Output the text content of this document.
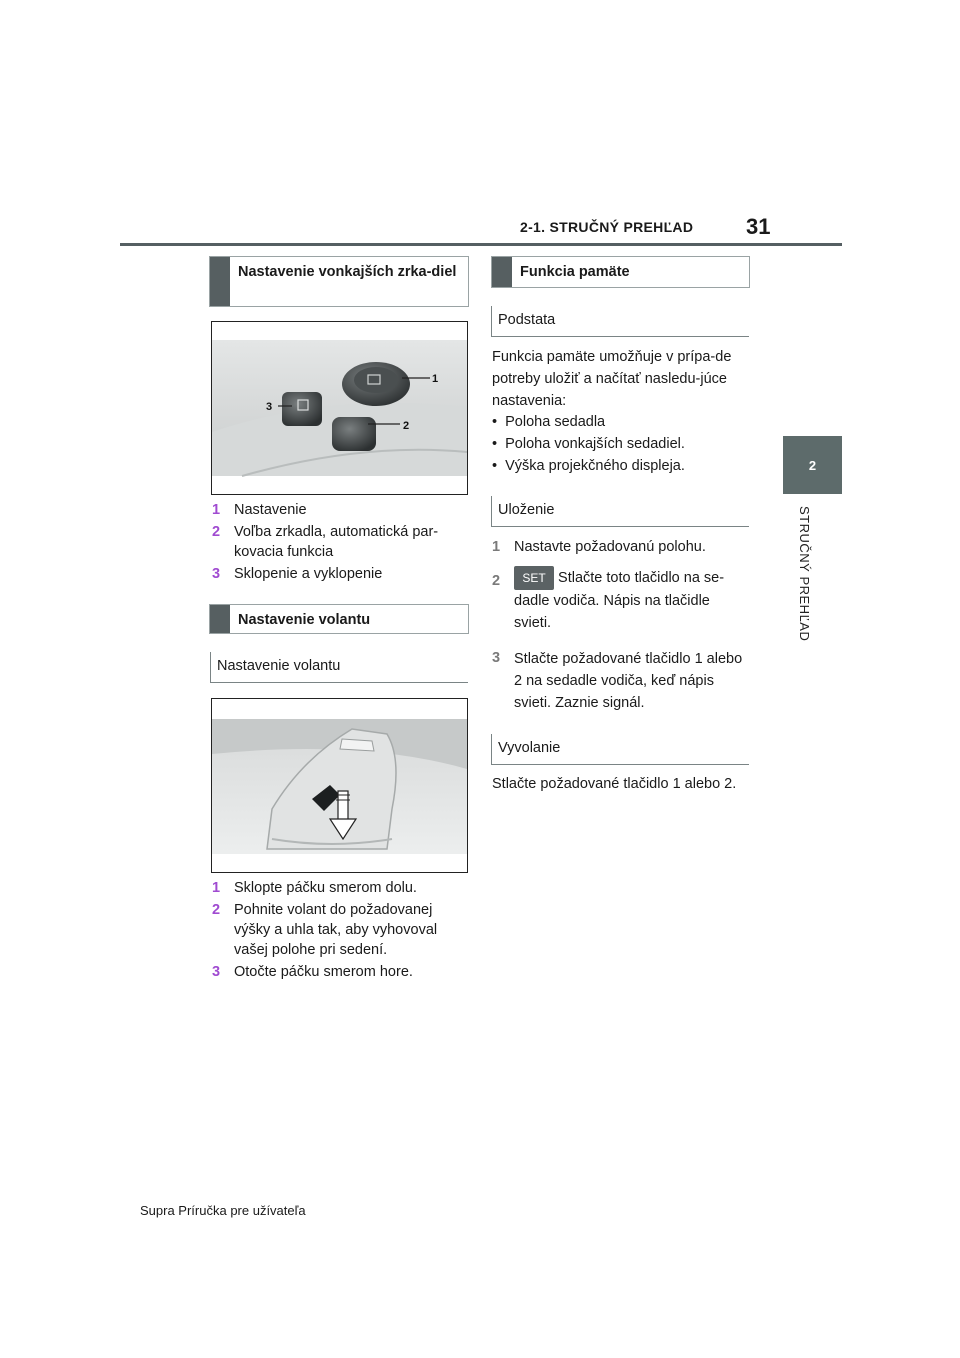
2-1. STRUČNÝ PREHĽAD 31
2
STRUČNÝ PREHĽAD
Nastavenie vonkajších zrka-diel
1
2
3
1 Nastavenie
2 Voľba zrkadla, automatická par-kovacia funkcia
3 Sklopenie a vyklopenie
Nastavenie volantu
Nastavenie volantu
1 Sklopte páčku smerom dolu.
2 Pohnite volant do požadovanej výšky a uhla tak, aby vyhovoval vašej polohe pri sedení.
3 Otočte páčku smerom hore.
Funkcia pamäte
Podstata
Funkcia pamäte umožňuje v prípa-de potreby uložiť a načítať nasledu-júce nastavenia:
•  Poloha sedadla
•  Poloha vonkajších sedadiel.
•  Výška projekčného displeja.
Uloženie
1 Nastavte požadovanú polohu.
2	SET Stlačte toto tlačidlo na se-dadle vodiča. Nápis na tlačidle svieti.
3 Stlačte požadované tlačidlo 1 alebo 2 na sedadle vodiča, keď nápis svieti. Zaznie signál.
Vyvolanie
Stlačte požadované tlačidlo 1 alebo 2.
Supra Príručka pre užívateľa
